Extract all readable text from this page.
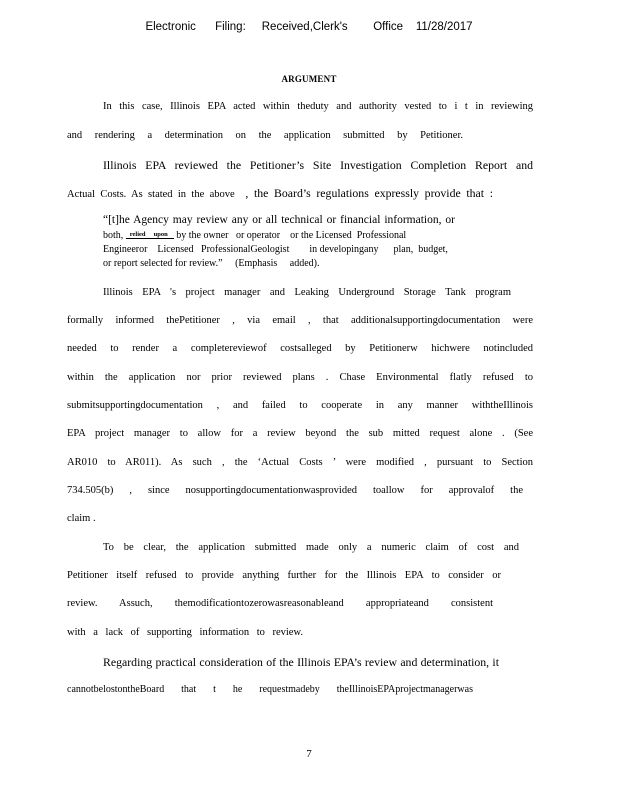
Electronic      Filing:     Received,Clerk's        Office    11/28/2017
ARGUMENT
In this case, Illinois EPA acted within theduty and authority vested to i t in reviewing
and rendering a determination on the application submitted by Petitioner.
Illinois EPA reviewed the Petitioner’s Site Investigation Completion Report and
Actual Costs. As stated in the above , the Board’s regulations expressly provide that :
“[t]he Agency may review any or all technical or financial information, or
both, relied     upon by the owner   or operator    or the Licensed  Professional
Engineeror    Licensed   ProfessionalGeologist        in developingany      plan,  budget,
or report selected for review.”     (Emphasis     added).
Illinois EPA 's project manager and Leaking Underground Storage Tank program
formally informed thePetitioner , via email , that additionalsupportingdocumentation were
needed to render a completereviewof costsalleged by Petitionerw hichwere notincluded
within the application nor prior reviewed plans . Chase Environmental flatly refused to
submitsupportingdocumentation , and failed to cooperate in any manner withtheIllinois
EPA project manager to allow for a review beyond the sub mitted request alone . (See
AR010 to AR011). As such , the ‘Actual Costs ’ were modified , pursuant to Section
734.505(b) , since nosupportingdocumentationwasprovided toallow for approvalof the
claim .
To be clear, the application submitted made only a numeric claim of cost and
Petitioner itself refused to provide anything further for the Illinois EPA to consider or
review. Assuch, themodificationtozerowasreasonableand appropriateand consistent
with a lack of supporting information to review.
Regarding practical consideration of the Illinois EPA’s review and determination, it
cannotbelostontheBoard that t he requestmadeby theIllinoisEPAprojectmanagerwas
7
